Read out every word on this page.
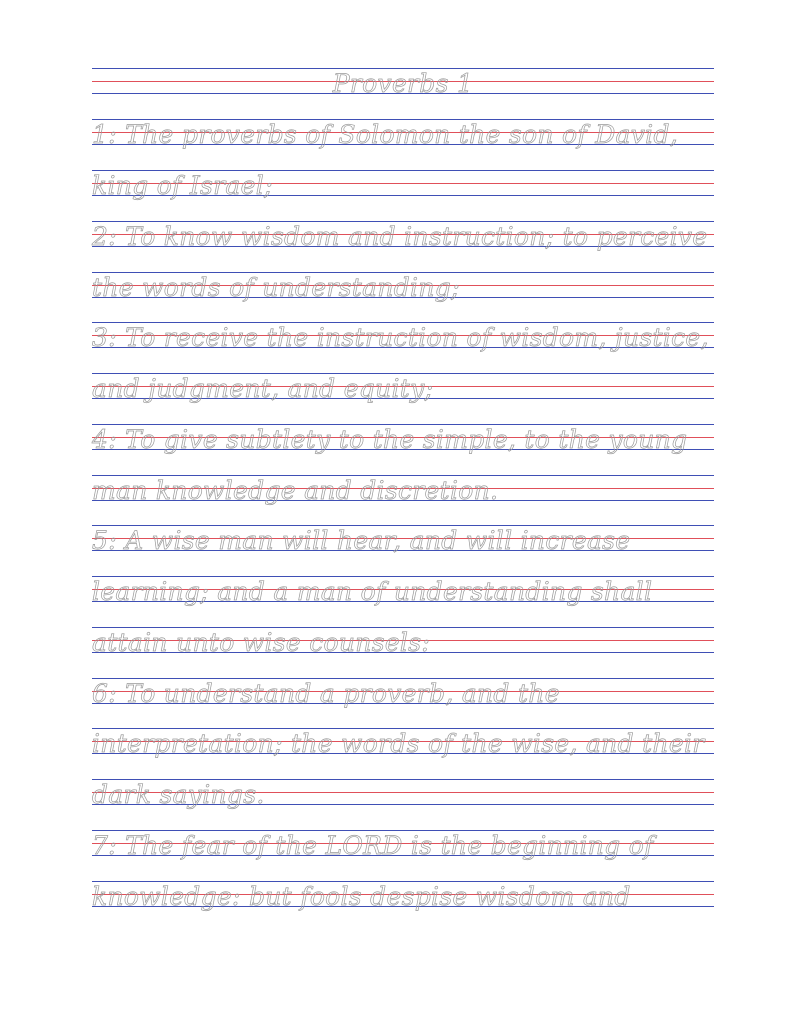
Proverbs 1
1: The proverbs of Solomon the son of David,
king of Israel;
2: To know wisdom and instruction; to perceive
the words of understanding;
3: To receive the instruction of wisdom, justice,
and judgment, and equity;
4: To give subtlety to the simple, to the young
man knowledge and discretion.
5: A wise man will hear, and will increase
learning; and a man of understanding shall
attain unto wise counsels:
6: To understand a proverb, and the
interpretation; the words of the wise, and their
dark sayings.
7: The fear of the LORD is the beginning of
knowledge: but fools despise wisdom and
